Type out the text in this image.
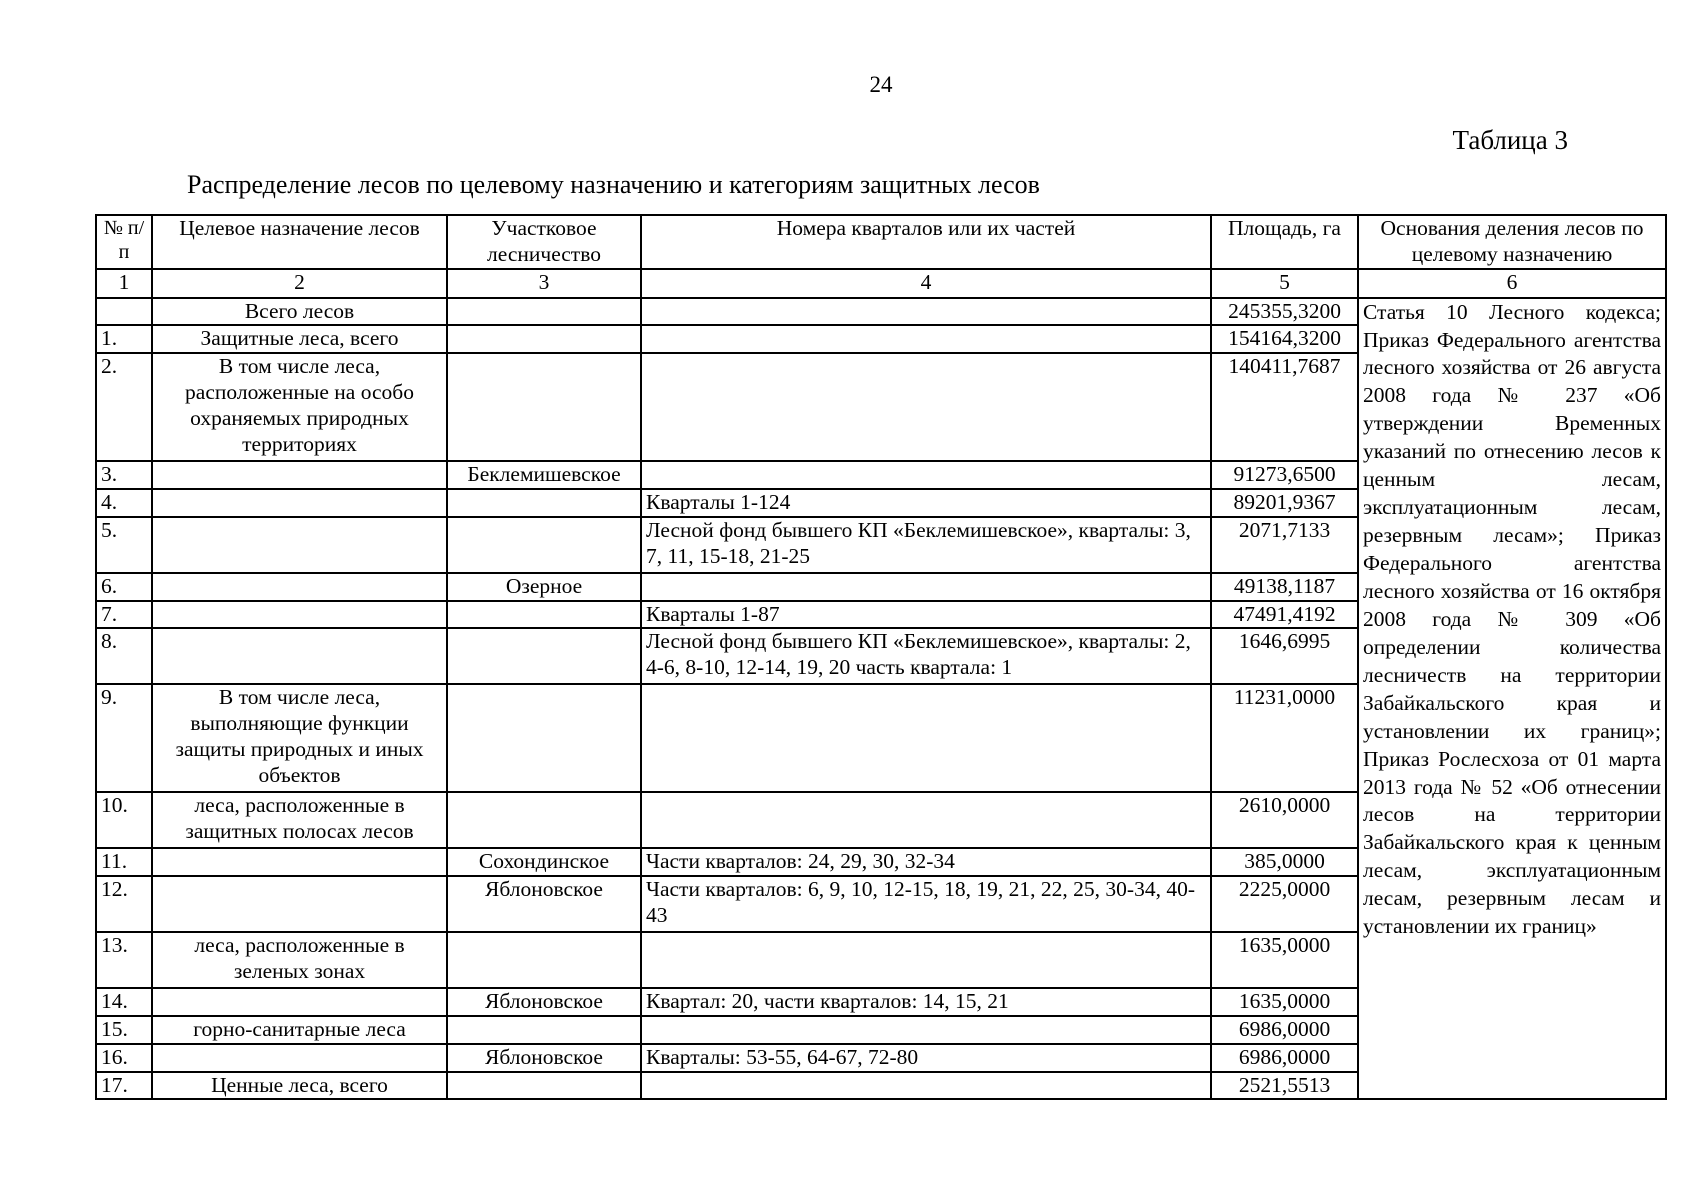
24
Таблица 3
Распределение лесов по целевому назначению и категориям защитных лесов
№ п/п	Целевое назначение лесов	Участковое лесничество	Номера кварталов или их частей	Площадь, га	Основания деления лесов по целевому назначению
1	2	3	4	5	6
	Всего лесов			245355,3200	Статья 10 Лесного кодекса; Приказ Федерального агентства лесного хозяйства от 26 августа 2008 года № 237 «Об утверждении Временных указаний по отнесению лесов к ценным лесам, эксплуатационным лесам, резервным лесам»; Приказ Федерального агентства лесного хозяйства от 16 октября 2008 года № 309 «Об определении количества лесничеств на территории Забайкальского края и установлении их границ»; Приказ Рослесхоза от 01 марта 2013 года № 52 «Об отнесении лесов на территории Забайкальского края к ценным лесам, эксплуатационным лесам, резервным лесам и установлении их границ»
1.	Защитные леса, всего			154164,3200	
2.	В том числе леса, расположенные на особо охраняемых природных территориях			140411,7687	
3.		Беклемишевское		91273,6500	
4.			Кварталы 1-124	89201,9367	
5.			Лесной фонд бывшего КП «Беклемишевское», кварталы: 3, 7, 11, 15-18, 21-25	2071,7133	
6.		Озерное		49138,1187	
7.			Кварталы 1-87	47491,4192	
8.			Лесной фонд бывшего КП «Беклемишевское», кварталы: 2, 4-6, 8-10, 12-14, 19, 20 часть квартала: 1	1646,6995	
9.	В том числе леса, выполняющие функции защиты природных и иных объектов			11231,0000	
10.	леса, расположенные в защитных полосах лесов			2610,0000	
11.		Сохондинское	Части кварталов: 24, 29, 30, 32-34	385,0000	
12.		Яблоновское	Части кварталов: 6, 9, 10, 12-15, 18, 19, 21, 22, 25, 30-34, 40-43	2225,0000	
13.	леса, расположенные в зеленых зонах			1635,0000	
14.		Яблоновское	Квартал: 20, части кварталов: 14, 15, 21	1635,0000	
15.	горно-санитарные леса			6986,0000	
16.		Яблоновское	Кварталы: 53-55, 64-67, 72-80	6986,0000	
17.	Ценные леса, всего			2521,5513	
